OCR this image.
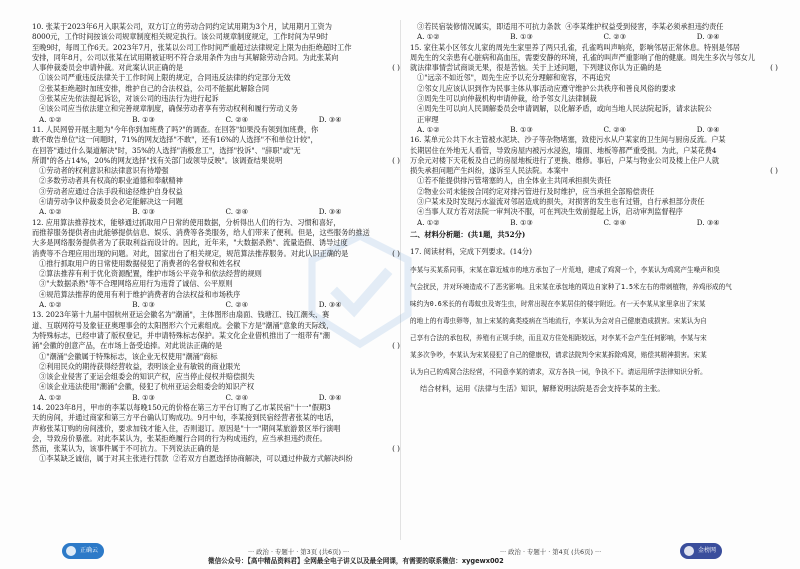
10. 张某于2023年6月入职某公司，双方订立的劳动合同约定试用期为3个月，试用期月工资为

8000元，工作时间按该公司规章制度相关规定执行。该公司规章制度规定，工作时间为早9时

至晚9时，每周工作6天。2023年7月，张某以公司工作时间严重超过法律规定上限为由拒绝超时工作

安排，同年8月，公司以张某在试用期被证明不符合录用条件为由与其解除劳动合同。为此张某向

人事仲裁委员会申请仲裁。对此案认识正确的是	( )

①该公司严重违反法律关于工作时间上限的规定，合同违反法律的约定部分无效

②张某拒绝超时加班安排，维护自己的合法权益，公司不能据此解除合同

③张某应先依法提起诉讼，对该公司的违法行为进行起诉

④该公司应当依法建立和完善规章制度，确保劳动者享有劳动权利和履行劳动义务

A. ①②	B. ①③	C. ②④	D. ③④

11. 人民网曾开展主题为"今年你到加班费了吗?"的调查。在回答"如果没有领到加班费，你

敢不敢告单位"这一问题时，71%的网友选择"不敢"，还有16%的人选择"不和单位计较"，

在回答"通过什么渠道解决"时，35%的人选择"消极怠工"，选择"投诉"、"辞职"或"无

所谓"的各占14%，20%的网友选择"找有关部门或领导反映"。该调查结果说明	( )

①劳动者的权利意识和法律意识有待增强

②多数劳动者具有权高的职业道德和奉献精神

③劳动者应通过合法手段和途径维护自身权益

④请劳动争议仲裁委员会必定能解决这一问题

A. ①②	B. ①③	C. ②④	D. ③④

12. 应用算法推荐技术，能够通过抓取用户日常的使用数据，分析得出人们的行为、习惯和喜好，

而推荐服务提供者由此能够提供信息、娱乐、消费等各类服务，给人们带来了便利。但是，这些服务的推送

大多是网络服务提供者为了获取利益而设计的。因此，近年来，"大数据杀熟"、流量造假、诱导过度

消费等不合理应用出现的问题。对此，国家出台了相关规定，规范算法推荐服务。对此认识正确的是	( )

①推行抓取用户的日常使用数据侵犯了消费者的名誉权和姓名权

②算法推荐有利于优化资源配置，维护市场公平竞争和依法经营的规则

③"大数据杀熟"等不合理网络应用行为违背了诚信、公平原则

④规范算法推荐的使用有利于维护消费者的合法权益和市场秩序

A. ①②	B. ①③	C. ②④	D. ③④

13. 2023年第十九届中国杭州亚运会徽名为"潮涌"，主体图形由扇面、钱塘江、钱江潮头、赛

道、互联网符号及象征亚奥理事会的太阳图形六个元素组成。会徽下方是"潮涌"意象的天际线，

为特殊标志，已经申请了版权登记，并申请特殊标志保护。某文化企业借机推出了一组带有"潮

涌"会徽的创意产品，在市场上备受追捧。对此说法正确的是	( )

①"潮涌"会徽属于特殊标志，该企业无权使用"潮涌"商标

②利用民众的期待获得经营收益，表明该企业有敏锐的商业眼光

③该企业侵害了亚运会组委会的知识产权，应当停止侵权并赔偿损失

④该企业违法使用"潮涌"会徽，侵犯了杭州亚运会组委会的知识产权

A. ①②	B. ①③	C. ②④	D. ③④

14. 2023年8月，甲市的李某以每晚150元的价格在第三方平台订购了乙市某民宿"十一"假期3

天的房间，并通过商家和第三方平台确认订购成功。9月中旬，李某接到民宿经营者张某的电话，

声称张某订购的房间涨价，要求加钱才能入住，否则退订。原因是"十一"期间某旅游景区举行演唱

会，导致房价暴涨。对此李某认为，张某拒绝履行合同的行为构成违约，应当承担违约责任。

然而，张某认为，该事件属于不可抗力。下列说法正确的是	( )

①李某缺乏诚信，属于对其主张进行罚款 ②若双方自愿选择协商解决，可以通过仲裁方式解决纠纷

③若民宿装修情况属实，即适用不可抗力条款 ④李某维护权益受到侵害，李某必须承担违约责任

A. ①②	B. ①③	C. ②③	D. ③④

15. 家住某小区邻女儿家的周先生家里养了两只孔雀，孔雀鸣叫声响亮，影响邻居正常休息。特别是邻居

周先生的父亲患有心脏病和高血压，需要安静的环境，孔雀的叫声严重影响了他的健康。周先生多次与邻女儿

就法律事情尝试商谈无果，很是苦恼。关于上述问题，下列建议你认为正确的是	( )

①"远亲不如近邻"，周先生应予以充分理解和宽容，不再追究

②邻女儿应该认识到作为民事主体从事活动应遵守维护公共秩序和善良风俗的要求

③周先生可以向仲裁机构申请仲裁，给予邻女儿法律制裁

④周先生可以向人民调解委员会申请调解，以化解矛盾，或向当地人民法院起诉，请求法院公

正审理

A. ①②	B. ①③	C. ②④	D. ③④

16. 某单元公共下水主管被水泥块、沙子等杂物堵塞，致使污水从户某家的卫生间与厨房反流。户某

长期居住在外地无人看管，导致房屋内被污水浸泡，墙面、地板等都严重受损。为此，户某花费4

万余元对楼下天花板及自己的房屋地板进行了更换、维修。事后，户某与物业公司及楼上住户人就

损失承担问题产生纠纷，遂诉至人民法院。本案中	( )

①若不能提供排污管堵塞的人，由全体业主共同承担损失责任

②物业公司未能按合同约定对排污管进行及时维护，应当承担全部赔偿责任

③户某未及时发现污水溢流对邻居造成的损失，对损害的发生也有过错，自行承担部分责任

④当事人双方若对法院一审判决不服，可在判决生效前提起上诉，启动审判监督程序

A. ①②	B. ①③	C. ②④	D. ③④

二、材料分析题：(共1题，共52分)

17. 阅读材料，完成下列要求。(14分)

李某与买某系同事，宋某在靠近城市的地方承包了一片荒地，建成了鸡窝一个，李某认为鸡窝产生噪声和臭

气会扰民，并对环境造成不了恶劣影响。且宋某在承包地的周边自家种了1.5米左右的带刺植物，养鸡形成的气

味约为0.6米长的有毒蚊虫及寄生虫，时常出现在李某居住的楼宇附近。有一天李某从家里拿出了宋某

的地上的有毒虫卵等，加上宋某的禽类疫病在当地流行，李某认为会对自己健康造成损害。宋某认为自

己享有合法的承包权，养殖有正规手续，而且双方住处相距较远，对李某不会产生任何影响，李某与宋

某多次争吵，李某认为宋某侵犯了自己的健康权，请求法院判令宋某拆除鸡窝，赔偿其精神损害。宋某

认为自己的鸡窝合法经营，不同意李某的请求，双方各执一词，争执不下。请运用所学法律知识分析。

结合材料，运用《法律与生活》知识，解释说明法院是否会支持李某的主张。

正确云	··· 政治 · 专题十 · 第3页 (共6页) ···	··· 政治 · 专题十 · 第4页 (共6页) ···
微信公众号：【高中精品资料君】全网最全电子讲义以及最全网课，有需要的联系微信：xygewx002
金榜网
